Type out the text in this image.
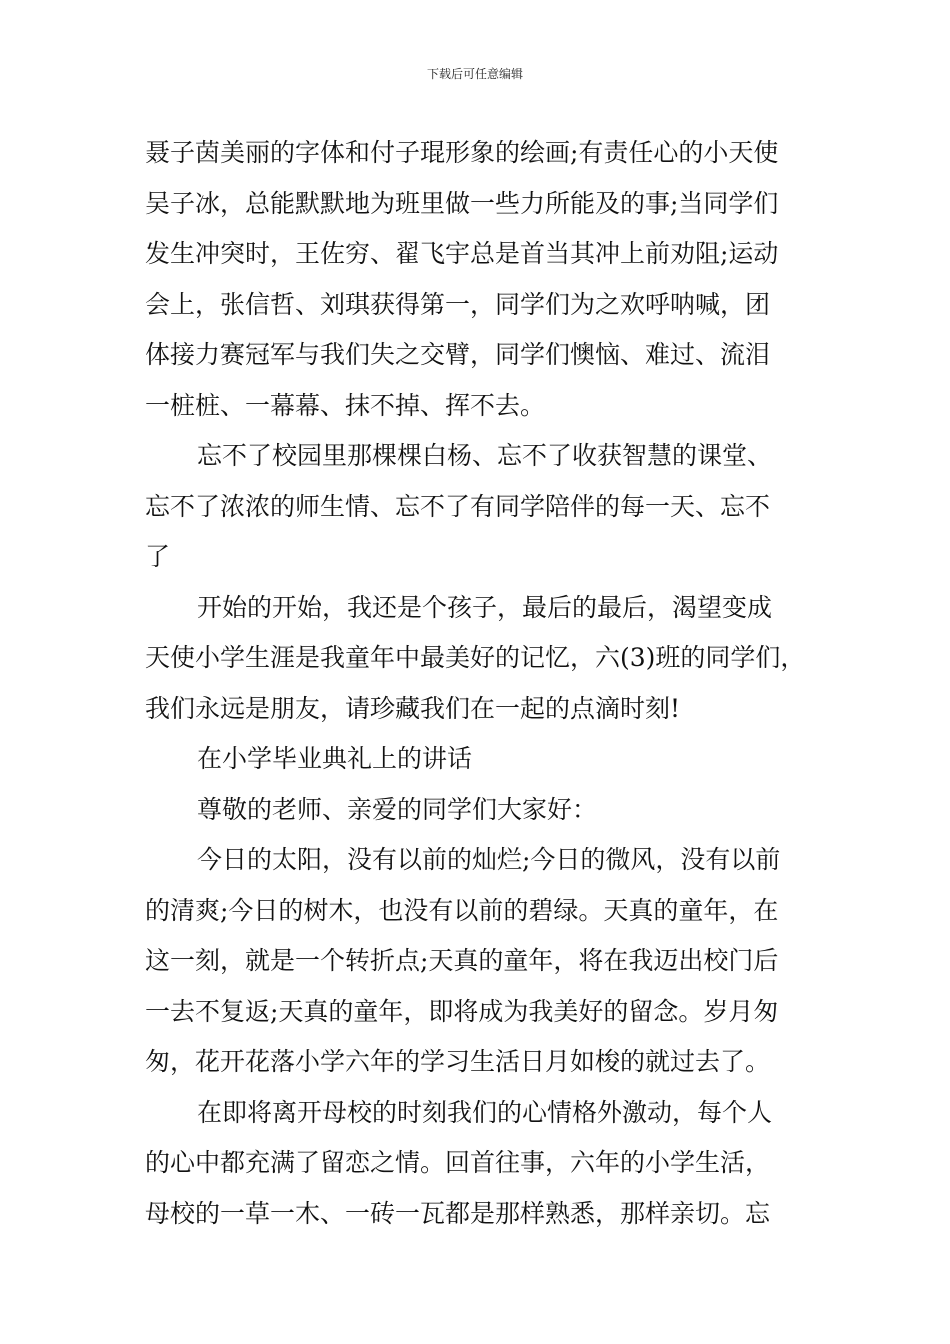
下载后可任意编辑
聂子茵美丽的字体和付子琨形象的绘画;有责任心的小天使
吴子冰，总能默默地为班里做一些力所能及的事;当同学们
发生冲突时，王佐穷、翟飞宇总是首当其冲上前劝阻;运动
会上，张信哲、刘琪获得第一，同学们为之欢呼呐喊，团
体接力赛冠军与我们失之交臂，同学们懊恼、难过、流泪
一桩桩、一幕幕、抹不掉、挥不去。
忘不了校园里那棵棵白杨、忘不了收获智慧的课堂、
忘不了浓浓的师生情、忘不了有同学陪伴的每一天、忘不
了
开始的开始，我还是个孩子，最后的最后，渴望变成
天使小学生涯是我童年中最美好的记忆，六(3)班的同学们，
我们永远是朋友，请珍藏我们在一起的点滴时刻!
在小学毕业典礼上的讲话
尊敬的老师、亲爱的同学们大家好：
今日的太阳，没有以前的灿烂;今日的微风，没有以前
的清爽;今日的树木，也没有以前的碧绿。天真的童年，在
这一刻，就是一个转折点;天真的童年，将在我迈出校门后
一去不复返;天真的童年，即将成为我美好的留念。岁月匆
匆，花开花落小学六年的学习生活日月如梭的就过去了。
在即将离开母校的时刻我们的心情格外激动，每个人
的心中都充满了留恋之情。回首往事，六年的小学生活，
母校的一草一木、一砖一瓦都是那样熟悉，那样亲切。忘
